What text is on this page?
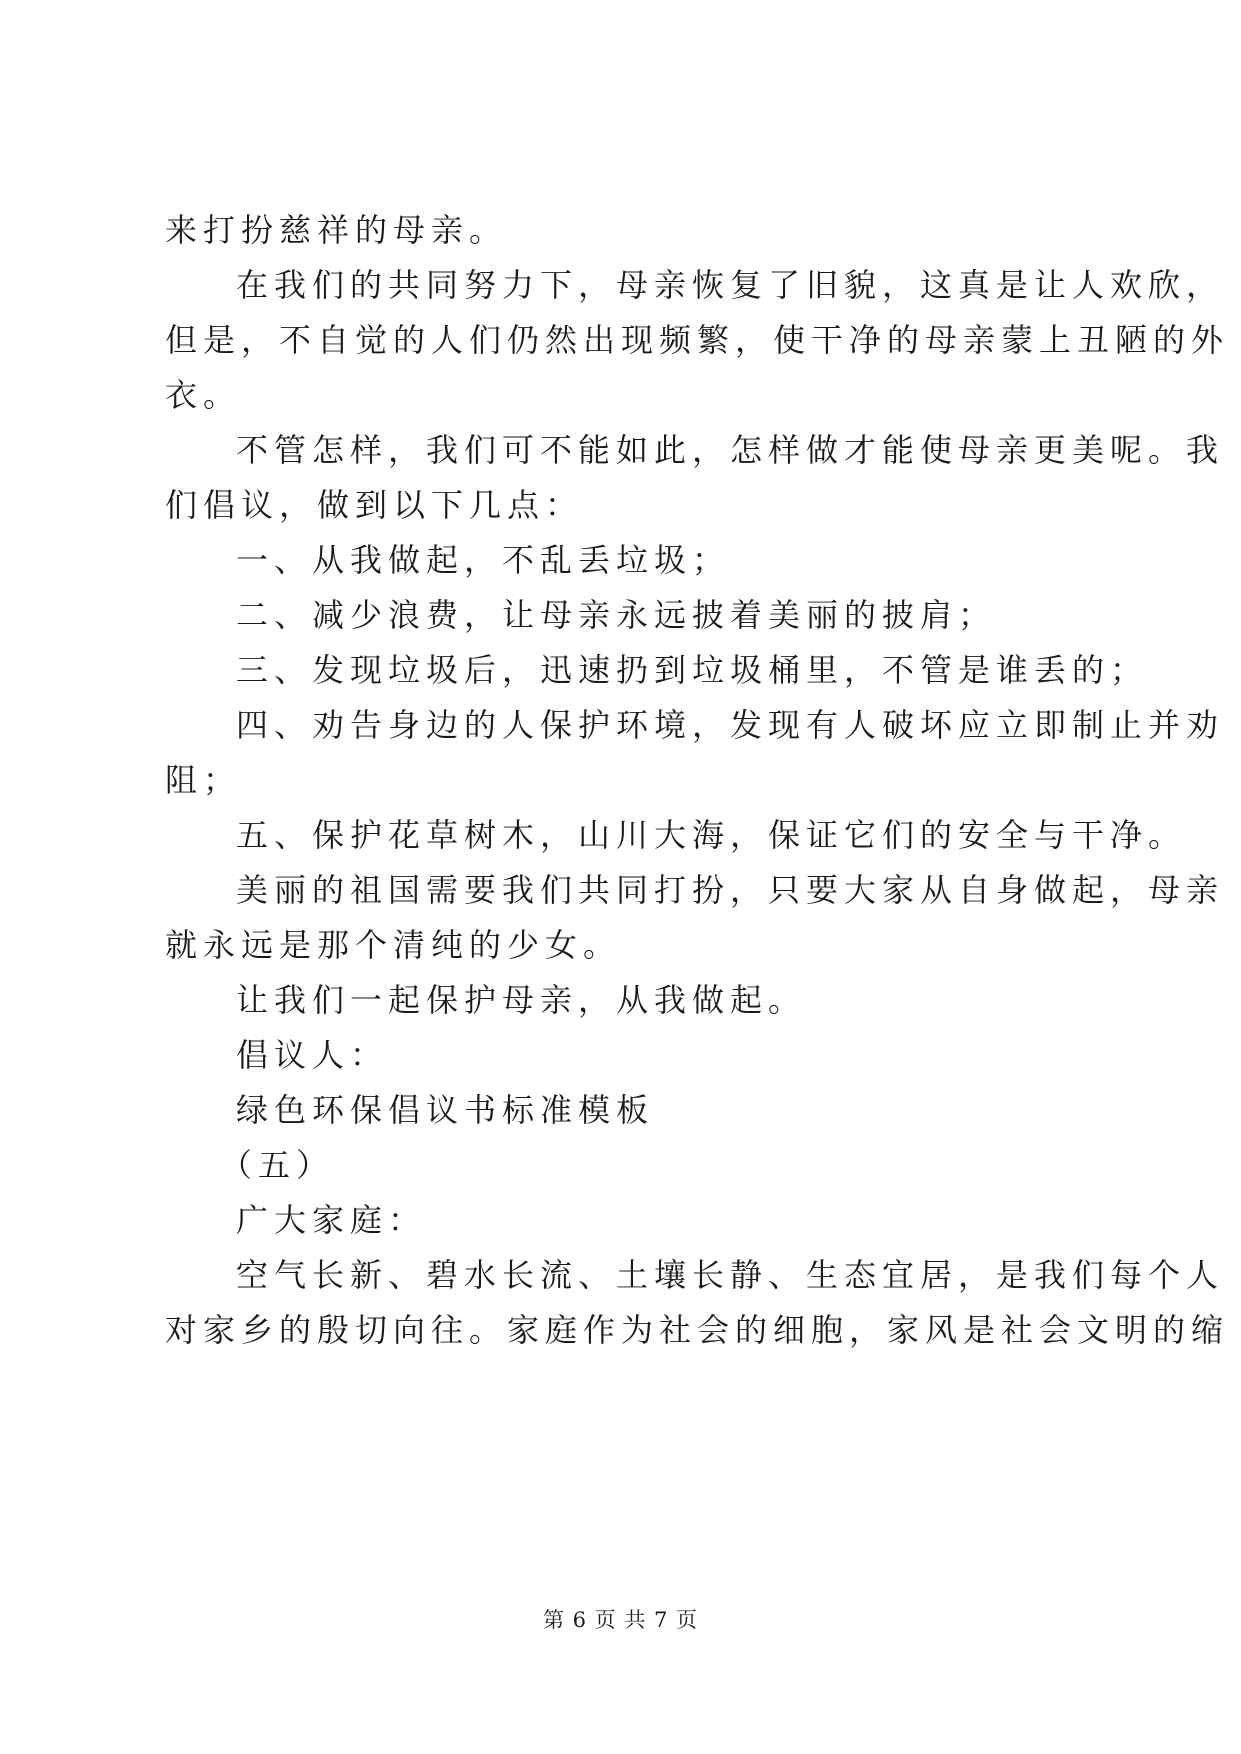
来打扮慈祥的母亲。
在我们的共同努力下，母亲恢复了旧貌，这真是让人欢欣，
但是，不自觉的人们仍然出现频繁，使干净的母亲蒙上丑陋的外
衣。
不管怎样，我们可不能如此，怎样做才能使母亲更美呢。我
们倡议，做到以下几点：
一、从我做起，不乱丢垃圾；
二、减少浪费，让母亲永远披着美丽的披肩；
三、发现垃圾后，迅速扔到垃圾桶里，不管是谁丢的；
四、劝告身边的人保护环境，发现有人破坏应立即制止并劝
阻；
五、保护花草树木，山川大海，保证它们的安全与干净。
美丽的祖国需要我们共同打扮，只要大家从自身做起，母亲
就永远是那个清纯的少女。
让我们一起保护母亲，从我做起。
倡议人：
绿色环保倡议书标准模板
（五）
广大家庭：
空气长新、碧水长流、土壤长静、生态宜居，是我们每个人
对家乡的殷切向往。家庭作为社会的细胞，家风是社会文明的缩
第 6 页 共 7 页
